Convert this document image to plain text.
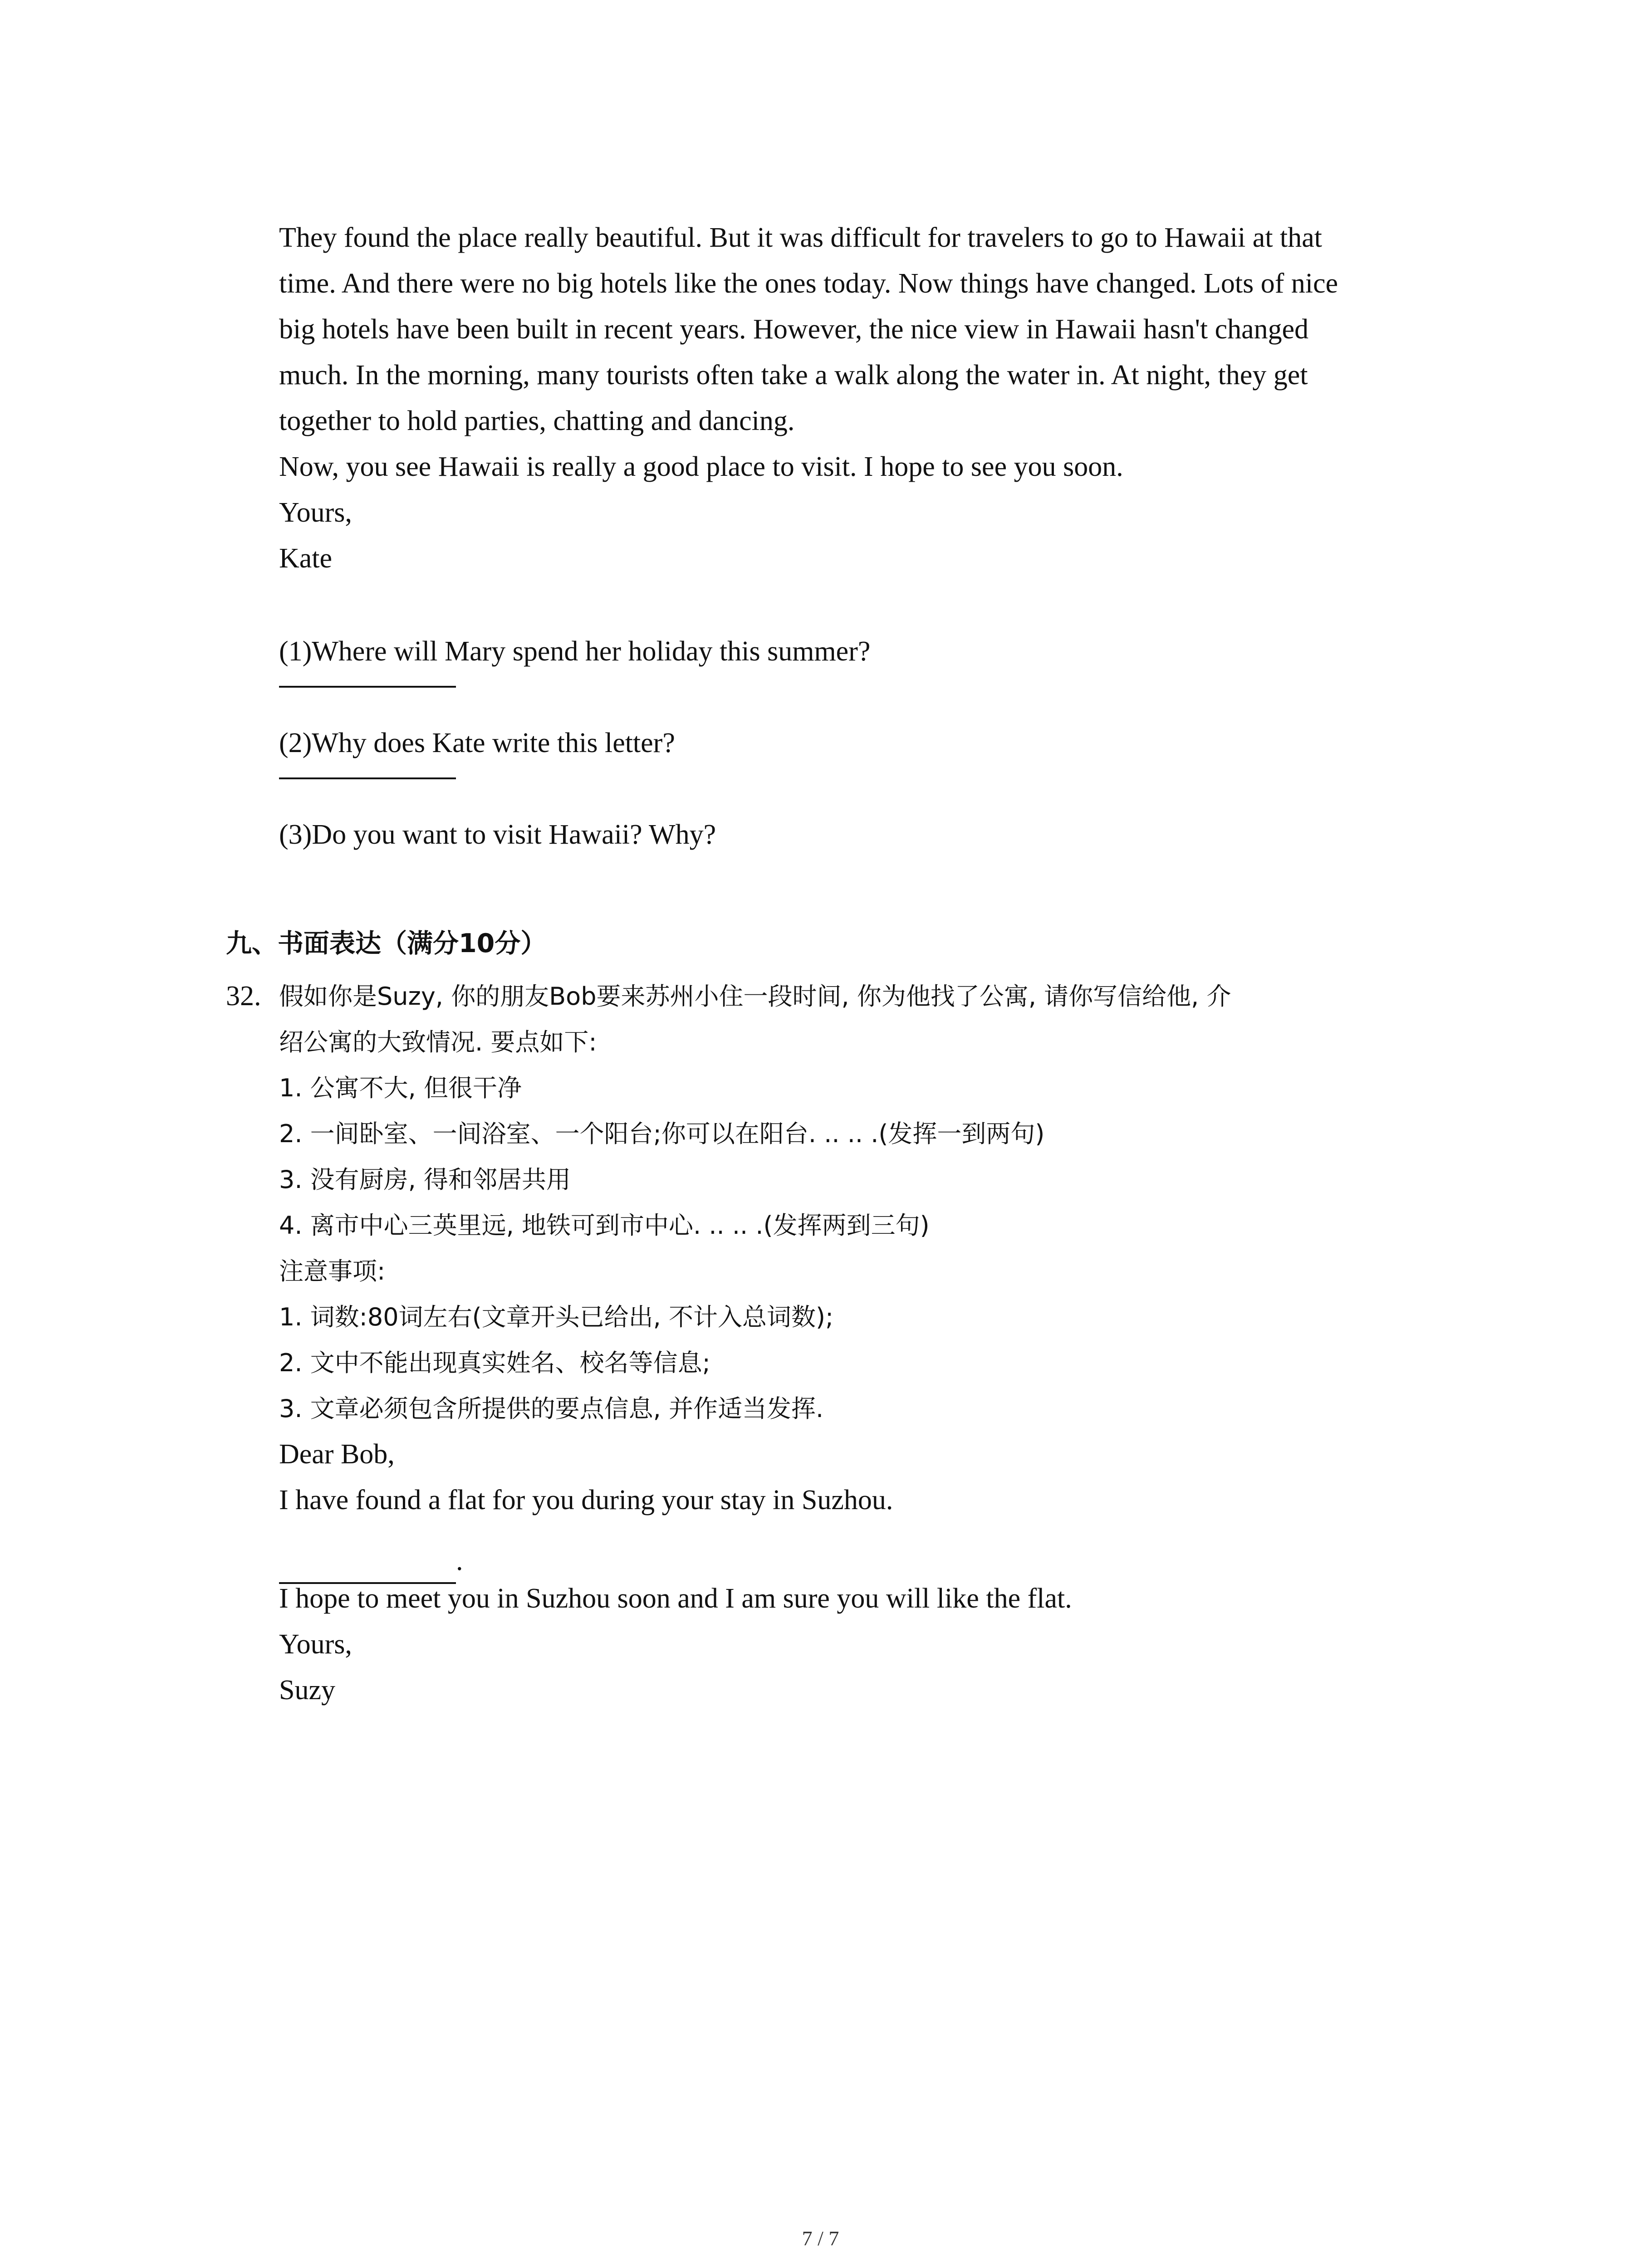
They found the place really beautiful. But it was difficult for travelers to go to Hawaii at that
time. And there were no big hotels like the ones today. Now things have changed. Lots of nice
big hotels have been built in recent years. However, the nice view in Hawaii hasn't changed
much. In the morning, many tourists often take a walk along the water in. At night, they get
together to hold parties, chatting and dancing.
Now, you see Hawaii is really a good place to visit. I hope to see you soon.
Yours,
Kate
(1)Where will Mary spend her holiday this summer?
(2)Why does Kate write this letter?
(3)Do you want to visit Hawaii? Why?
九、书面表达（满分10分）
32. 假如你是Suzy, 你的朋友Bob要来苏州小住一段时间, 你为他找了公寓, 请你写信给他, 介
绍公寓的大致情况. 要点如下:
1. 公寓不大, 但很干净
2. 一间卧室、一间浴室、一个阳台;你可以在阳台. .. .. .(发挥一到两句)
3. 没有厨房, 得和邻居共用
4. 离市中心三英里远, 地铁可到市中心. .. .. .(发挥两到三句)
注意事项:
1. 词数:80词左右(文章开头已给出, 不计入总词数);
2. 文中不能出现真实姓名、校名等信息;
3. 文章必须包含所提供的要点信息, 并作适当发挥.
Dear Bob,
I have found a flat for you during your stay in Suzhou.
.
I hope to meet you in Suzhou soon and I am sure you will like the flat.
Yours,
Suzy
7 / 7
